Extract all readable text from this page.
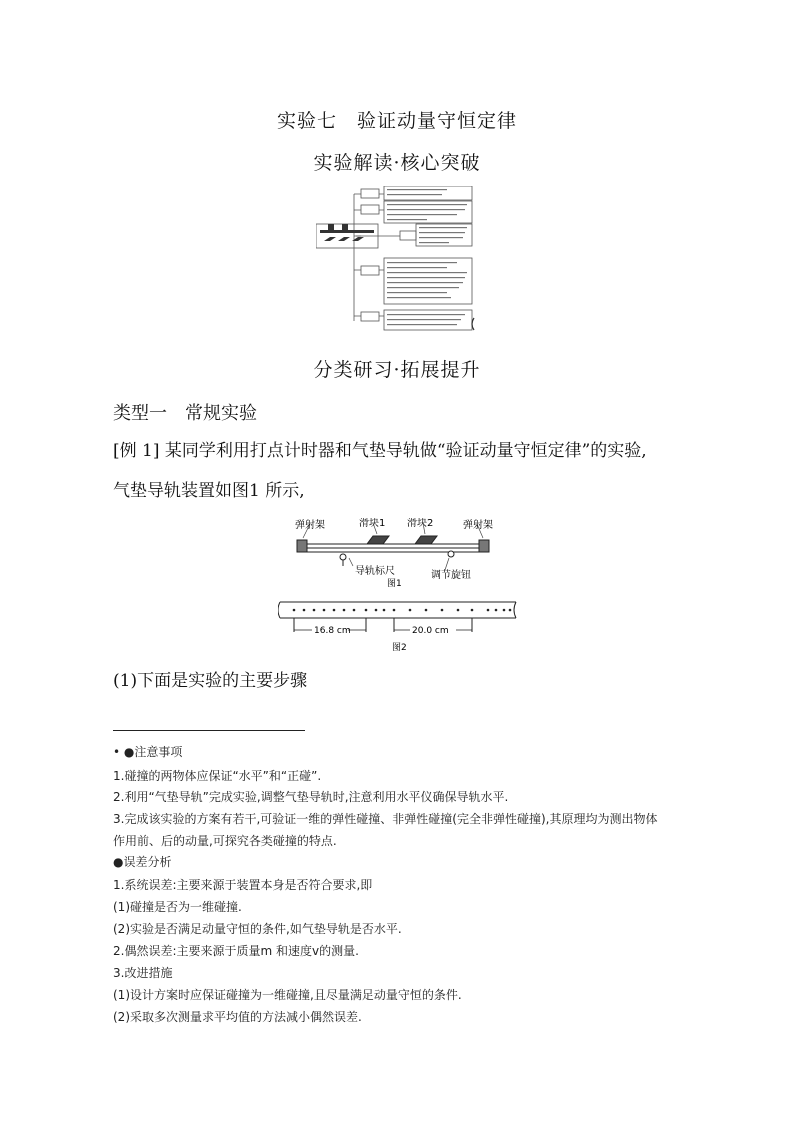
实验七　验证动量守恒定律
实验解读·核心突破
分类研习·拓展提升
类型一　常规实验
[例 1] 某同学利用打点计时器和气垫导轨做“验证动量守恒定律”的实验,
气垫导轨装置如图1 所示,
弹射架	滑块1 滑块2	弹射架
导轨标尺	调节旋钮
图1
16.8 cm	20.0 cm
图2
(1)下面是实验的主要步骤
• ●注意事项
1.碰撞的两物体应保证“水平”和“正碰”.
2.利用“气垫导轨”完成实验,调整气垫导轨时,注意利用水平仪确保导轨水平.
3.完成该实验的方案有若干,可验证一维的弹性碰撞、非弹性碰撞(完全非弹性碰撞),其原理均为测出物体
作用前、后的动量,可探究各类碰撞的特点.
●误差分析
1.系统误差:主要来源于装置本身是否符合要求,即
(1)碰撞是否为一维碰撞.
(2)实验是否满足动量守恒的条件,如气垫导轨是否水平.
2.偶然误差:主要来源于质量m 和速度v的测量.
3.改进措施
(1)设计方案时应保证碰撞为一维碰撞,且尽量满足动量守恒的条件.
(2)采取多次测量求平均值的方法减小偶然误差.
